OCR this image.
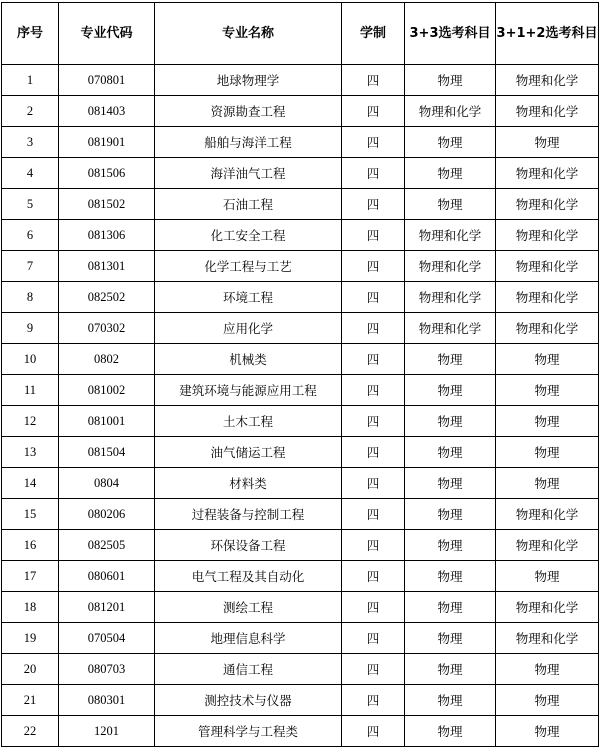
序号	专业代码	专业名称	学制	3+3选考科目	3+1+2选考科目
1	070801	地球物理学	四	物理	物理和化学
2	081403	资源勘查工程	四	物理和化学	物理和化学
3	081901	船舶与海洋工程	四	物理	物理
4	081506	海洋油气工程	四	物理	物理和化学
5	081502	石油工程	四	物理	物理和化学
6	081306	化工安全工程	四	物理和化学	物理和化学
7	081301	化学工程与工艺	四	物理和化学	物理和化学
8	082502	环境工程	四	物理和化学	物理和化学
9	070302	应用化学	四	物理和化学	物理和化学
10	0802	机械类	四	物理	物理
11	081002	建筑环境与能源应用工程	四	物理	物理
12	081001	土木工程	四	物理	物理
13	081504	油气储运工程	四	物理	物理
14	0804	材料类	四	物理	物理
15	080206	过程装备与控制工程	四	物理	物理和化学
16	082505	环保设备工程	四	物理	物理和化学
17	080601	电气工程及其自动化	四	物理	物理
18	081201	测绘工程	四	物理	物理和化学
19	070504	地理信息科学	四	物理	物理和化学
20	080703	通信工程	四	物理	物理
21	080301	测控技术与仪器	四	物理	物理
22	1201	管理科学与工程类	四	物理	物理
